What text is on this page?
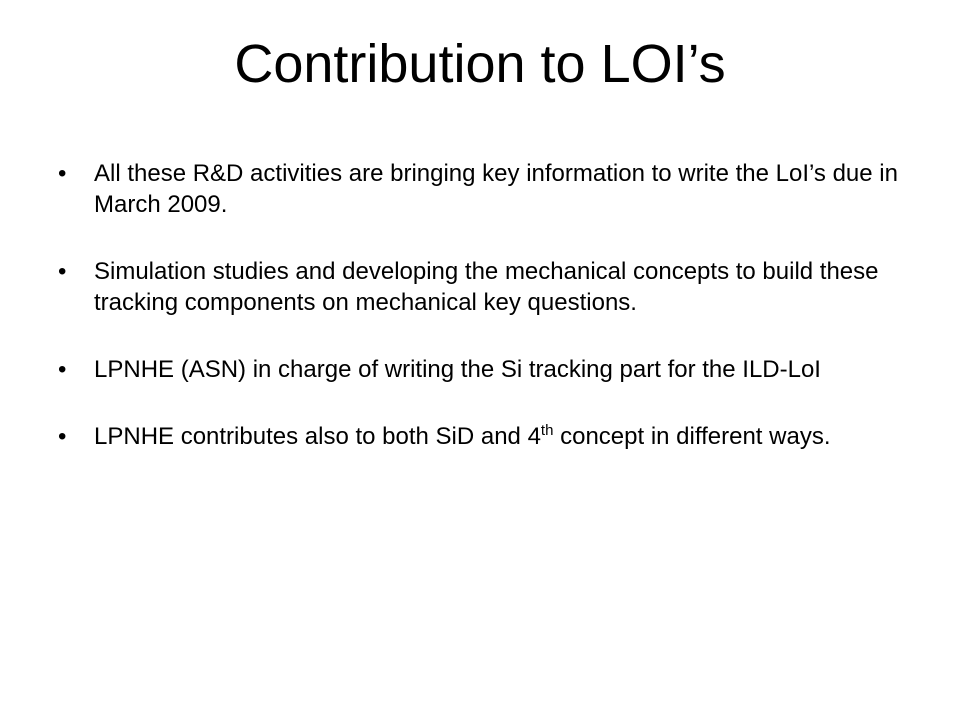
Contribution to LOI’s
• All these R&D activities are bringing key information to write the LoI’s due in March 2009.
• Simulation studies and developing the mechanical concepts to build these tracking components on mechanical key questions.
• LPNHE (ASN) in charge of writing the Si tracking part for the ILD-LoI
• LPNHE contributes also to both SiD and 4th concept in different ways.
